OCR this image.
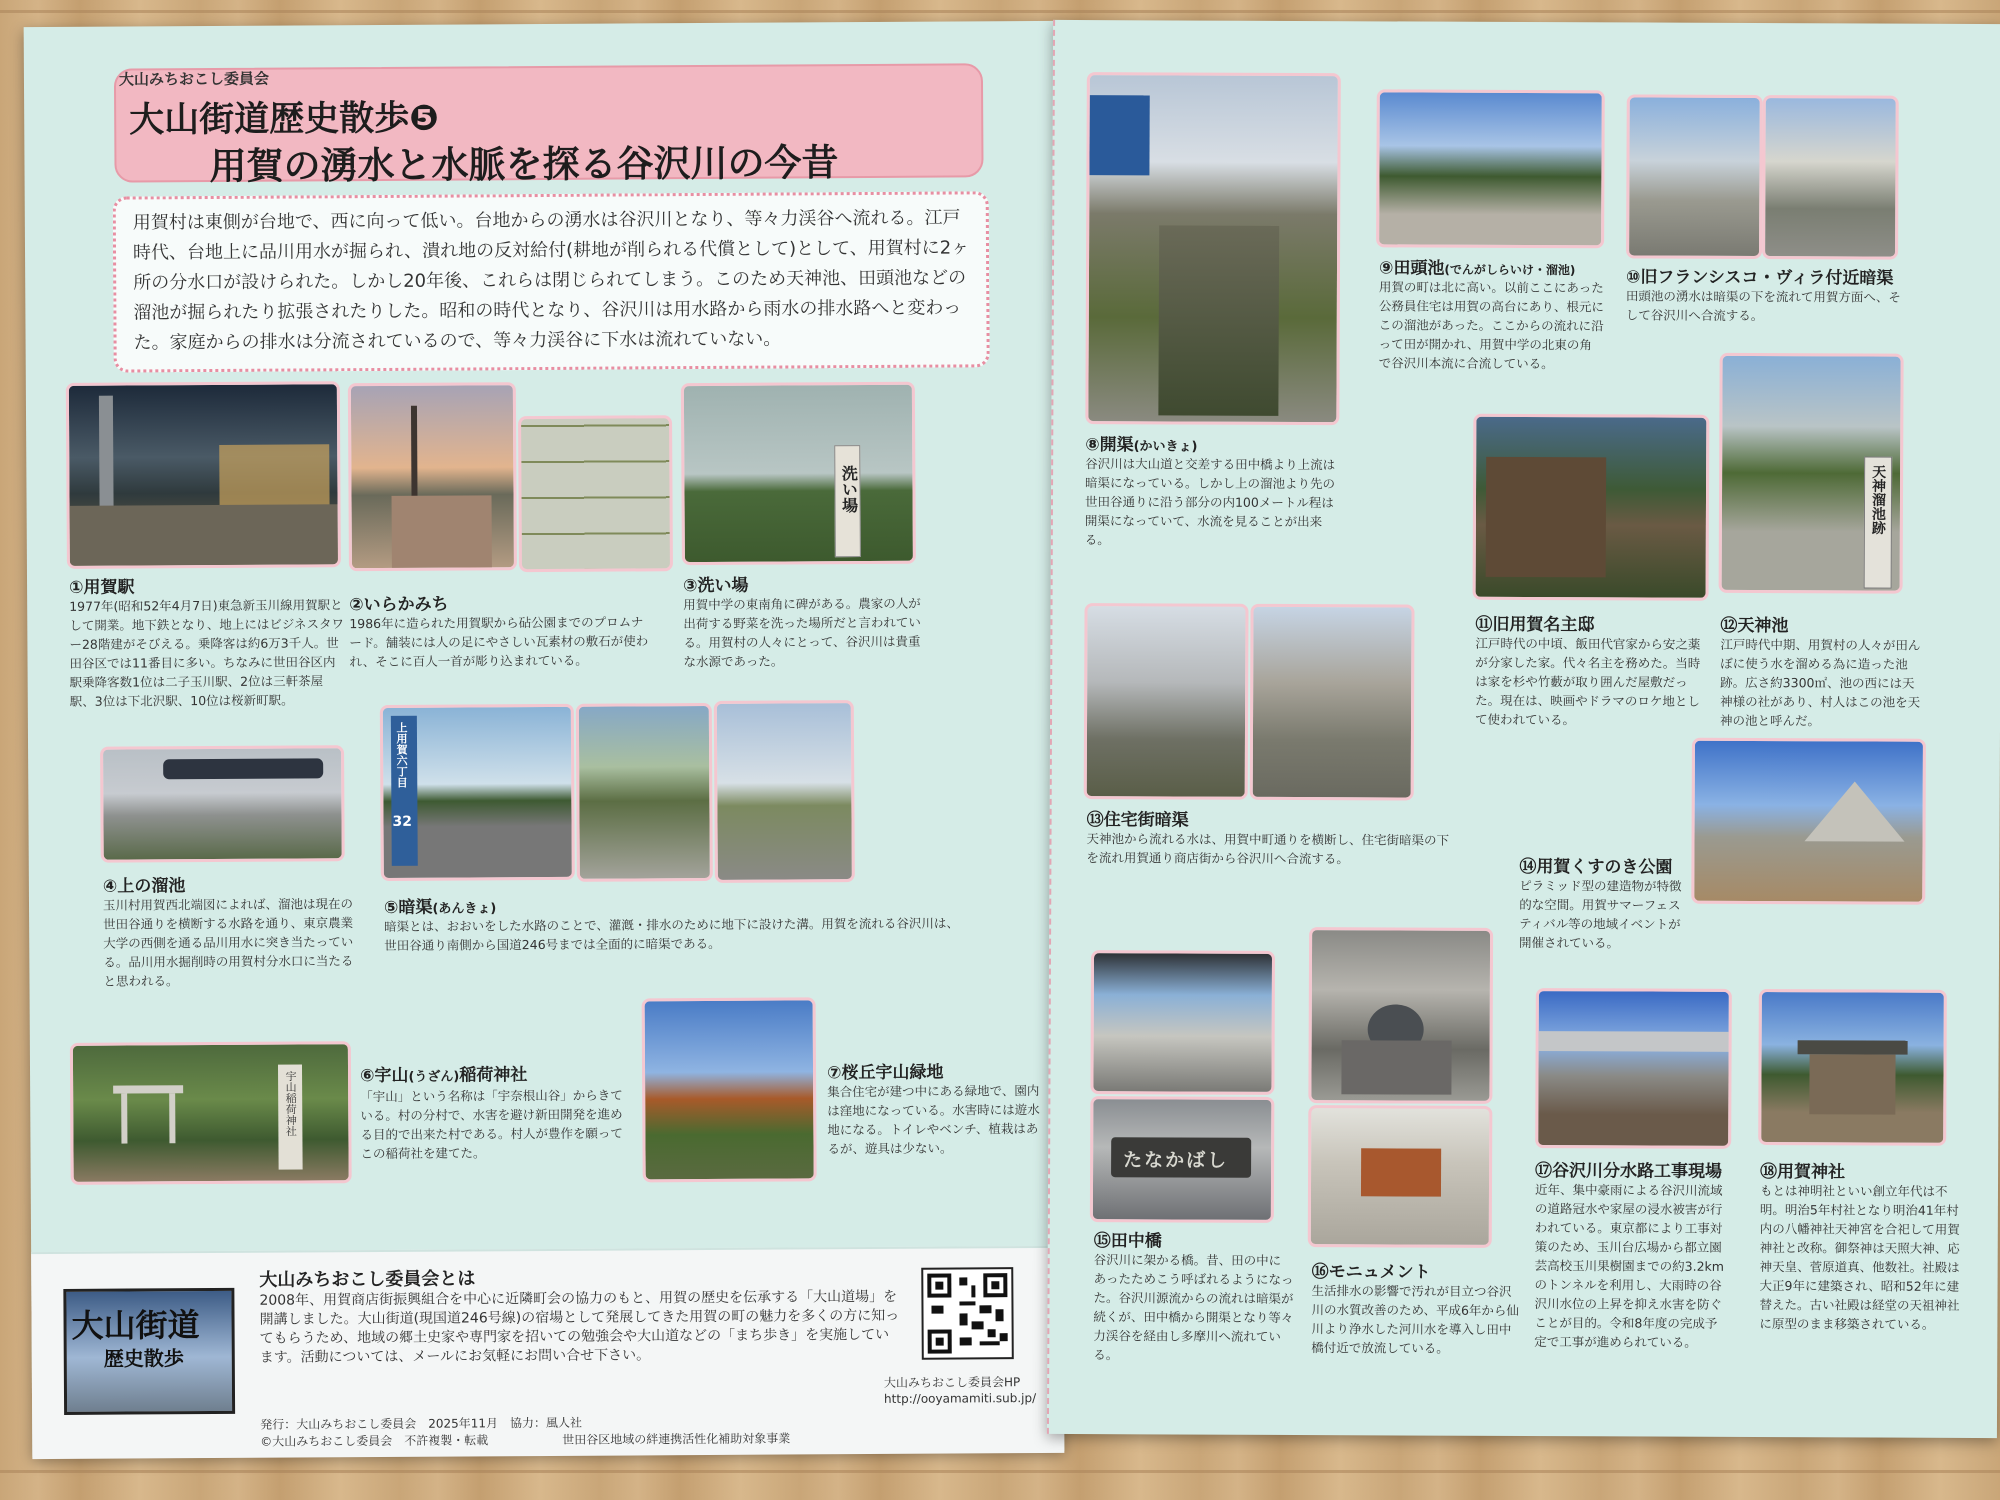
大山みちおこし委員会
大山街道歴史散歩❺
用賀の湧水と水脈を探る谷沢川の今昔
用賀村は東側が台地で、西に向って低い。台地からの湧水は谷沢川となり、等々力渓谷へ流れる。江戸時代、台地上に品川用水が掘られ、潰れ地の反対給付(耕地が削られる代償として)として、用賀村に2ヶ所の分水口が設けられた。しかし20年後、これらは閉じられてしまう。このため天神池、田頭池などの溜池が掘られたり拡張されたりした。昭和の時代となり、谷沢川は用水路から雨水の排水路へと変わった。家庭からの排水は分流されているので、等々力渓谷に下水は流れていない。
①用賀駅
1977年(昭和52年4月7日)東急新玉川線用賀駅として開業。地下鉄となり、地上にはビジネスタワー28階建がそびえる。乗降客は約6万3千人。世田谷区では11番目に多い。ちなみに世田谷区内駅乗降客数1位は二子玉川駅、2位は三軒茶屋駅、3位は下北沢駅、10位は桜新町駅。
②いらかみち
1986年に造られた用賀駅から砧公園までのプロムナード。舗装には人の足にやさしい瓦素材の敷石が使われ、そこに百人一首が彫り込まれている。
洗い場
③洗い場
用賀中学の東南角に碑がある。農家の人が出荷する野菜を洗った場所だと言われている。用賀村の人々にとって、谷沢川は貴重な水源であった。
④上の溜池
玉川村用賀西北端図によれば、溜池は現在の世田谷通りを横断する水路を通り、東京農業大学の西側を通る品川用水に突き当たっている。品川用水掘削時の用賀村分水口に当たると思われる。
上用賀六丁目
32
⑤暗渠(あんきょ)
暗渠とは、おおいをした水路のことで、灌漑・排水のために地下に設けた溝。用賀を流れる谷沢川は、世田谷通り南側から国道246号までは全面的に暗渠である。
宇山稲荷神社	⑥宇山(うざん)稲荷神社
「宇山」という名称は「宇奈根山谷」からきている。村の分村で、水害を避け新田開発を進める目的で出来た村である。村人が豊作を願ってこの稲荷社を建てた。
⑦桜丘宇山緑地
集合住宅が建つ中にある緑地で、園内は窪地になっている。水害時には遊水地になる。トイレやベンチ、植栽はあるが、遊具は少ない。
大山街道
歴史散歩
大山みちおこし委員会とは
2008年、用賀商店街振興組合を中心に近隣町会の協力のもと、用賀の歴史を伝承する「大山道場」を開講しました。大山街道(現国道246号線)の宿場として発展してきた用賀の町の魅力を多くの方に知ってもらうため、地域の郷土史家や専門家を招いての勉強会や大山道などの「まち歩き」を実施しています。活動については、メールにお気軽にお問い合せ下さい。
発行：大山みちおこし委員会　2025年11月　協力：風人社
©大山みちおこし委員会　不許複製・転載	世田谷区地域の絆連携活性化補助対象事業
大山みちおこし委員会HP
http://ooyamamiti.sub.jp/
⑧開渠(かいきょ)
谷沢川は大山道と交差する田中橋より上流は暗渠になっている。しかし上の溜池より先の世田谷通りに沿う部分の内100メートル程は開渠になっていて、水流を見ることが出来る。
⑨田頭池(でんがしらいけ・溜池)
用賀の町は北に高い。以前ここにあった公務員住宅は用賀の高台にあり、根元にこの溜池があった。ここからの流れに沿って田が開かれ、用賀中学の北東の角で谷沢川本流に合流している。
⑩旧フランシスコ・ヴィラ付近暗渠
田頭池の湧水は暗渠の下を流れて用賀方面へ、そして谷沢川へ合流する。
⑪旧用賀名主邸
江戸時代の中頃、飯田代官家から安之薬が分家した家。代々名主を務めた。当時は家を杉や竹藪が取り囲んだ屋敷だった。現在は、映画やドラマのロケ地として使われている。
天神溜池跡
⑫天神池
江戸時代中期、用賀村の人々が田んぼに使う水を溜める為に造った池跡。広さ約3300㎡、池の西には天神様の社があり、村人はこの池を天神の池と呼んだ。
⑬住宅街暗渠
天神池から流れる水は、用賀中町通りを横断し、住宅街暗渠の下を流れ用賀通り商店街から谷沢川へ合流する。	⑭用賀くすのき公園
ピラミッド型の建造物が特徴的な空間。用賀サマーフェスティバル等の地域イベントが開催されている。
たなかばし
⑮田中橋
谷沢川に架かる橋。昔、田の中にあったためこう呼ばれるようになった。谷沢川源流からの流れは暗渠が続くが、田中橋から開渠となり等々力渓谷を経由し多摩川へ流れている。
⑯モニュメント
生活排水の影響で汚れが目立つ谷沢川の水質改善のため、平成6年から仙川より浄水した河川水を導入し田中橋付近で放流している。
⑰谷沢川分水路工事現場
近年、集中豪雨による谷沢川流域の道路冠水や家屋の浸水被害が行われている。東京都により工事対策のため、玉川台広場から都立園芸高校玉川果樹園までの約3.2kmのトンネルを利用し、大雨時の谷沢川水位の上昇を抑え水害を防ぐことが目的。令和8年度の完成予定で工事が進められている。
⑱用賀神社
もとは神明社といい創立年代は不明。明治5年村社となり明治41年村内の八幡神社天神宮を合祀して用賀神社と改称。御祭神は天照大神、応神天皇、菅原道真、他数社。社殿は大正9年に建築され、昭和52年に建替えた。古い社殿は経堂の天祖神社に原型のまま移築されている。
